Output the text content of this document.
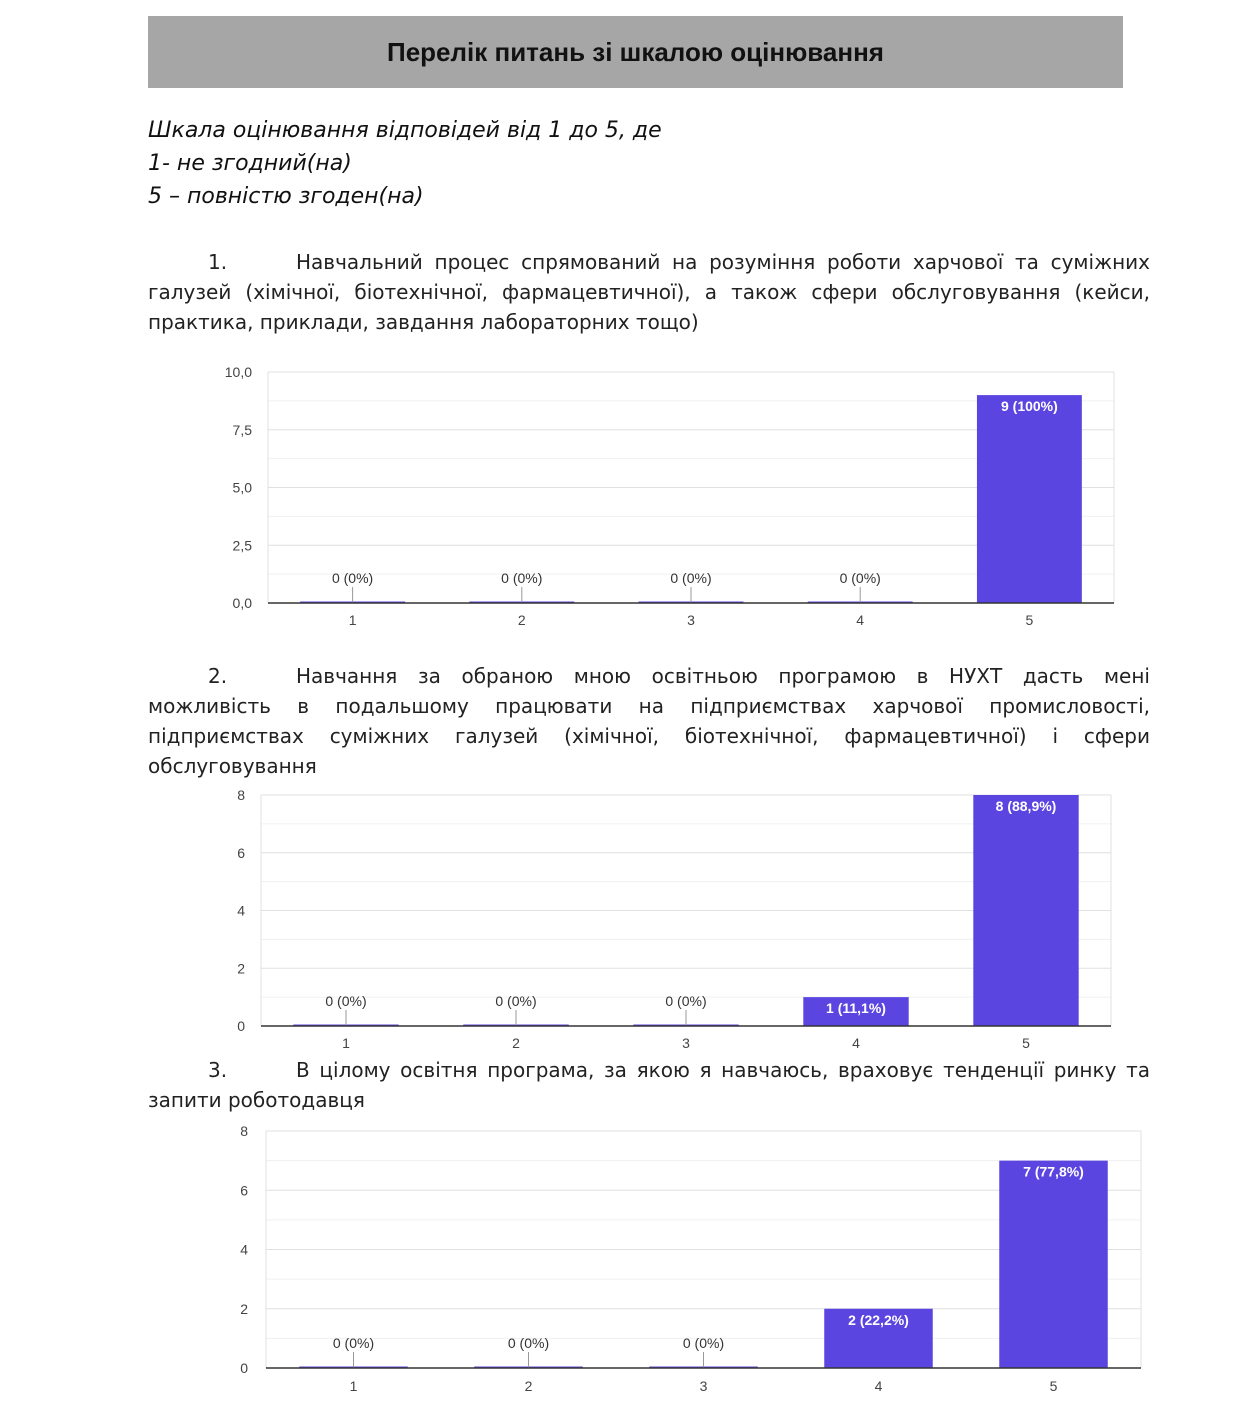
Перелік питань зі шкалою оцінювання
Шкала оцінювання відповідей від 1 до 5, де
1- не згодний(на)
5 – повністю згоден(на)
1.	Навчальний процес спрямований на розуміння роботи харчової та суміжних галузей (хімічної, біотехнічної, фармацевтичної), а також сфери обслуговування (кейси, практика, приклади, завдання лабораторних тощо)
2.	Навчання за обраною мною освітньою програмою в НУХТ дасть мені можливість в подальшому працювати на підприємствах харчової промисловості, підприємствах суміжних галузей (хімічної, біотехнічної, фармацевтичної) і сфери обслуговування
3.	В цілому освітня програма, за якою я навчаюсь, враховує тенденції ринку та запити роботодавця
0,0
2,5
5,0
7,5
10,0
0 (0%)
1
0 (0%)
2
0 (0%)
3
0 (0%)
4
9 (100%)
5
0
2
4
6
8
0 (0%)
1
0 (0%)
2
0 (0%)
3
1 (11,1%)
4
8 (88,9%)
5
0
2
4
6
8
0 (0%)
1
0 (0%)
2
0 (0%)
3
2 (22,2%)
4
7 (77,8%)
5
